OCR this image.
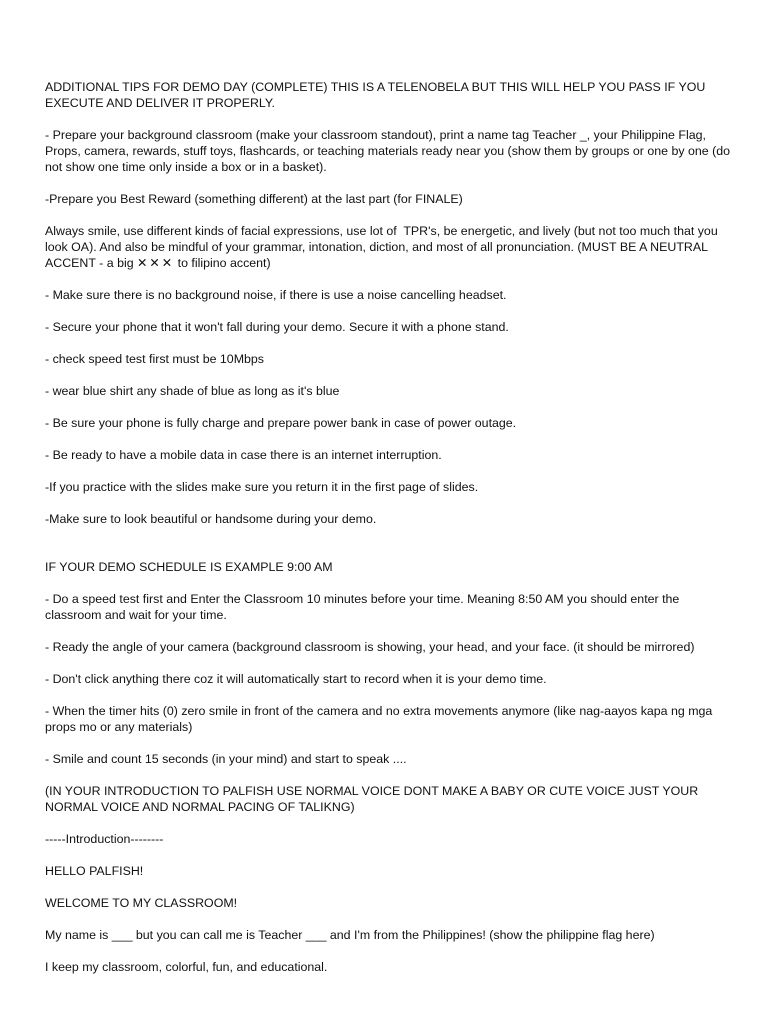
ADDITIONAL TIPS FOR DEMO DAY (COMPLETE) THIS IS A TELENOBELA BUT THIS WILL HELP YOU PASS IF YOU EXECUTE AND DELIVER IT PROPERLY.

- Prepare your background classroom (make your classroom standout), print a name tag Teacher _, your Philippine Flag, Props, camera, rewards, stuff toys, flashcards, or teaching materials ready near you (show them by groups or one by one (do not show one time only inside a box or in a basket).

-Prepare you Best Reward (something different) at the last part (for FINALE)

Always smile, use different kinds of facial expressions, use lot of  TPR's, be energetic, and lively (but not too much that you look OA). And also be mindful of your grammar, intonation, diction, and most of all pronunciation. (MUST BE A NEUTRAL ACCENT - a big ✕✕✕ to filipino accent)

- Make sure there is no background noise, if there is use a noise cancelling headset.

- Secure your phone that it won't fall during your demo. Secure it with a phone stand.

- check speed test first must be 10Mbps

- wear blue shirt any shade of blue as long as it's blue

- Be sure your phone is fully charge and prepare power bank in case of power outage.

- Be ready to have a mobile data in case there is an internet interruption.

-If you practice with the slides make sure you return it in the first page of slides.

-Make sure to look beautiful or handsome during your demo.

IF YOUR DEMO SCHEDULE IS EXAMPLE 9:00 AM

- Do a speed test first and Enter the Classroom 10 minutes before your time. Meaning 8:50 AM you should enter the classroom and wait for your time.

- Ready the angle of your camera (background classroom is showing, your head, and your face. (it should be mirrored)

- Don't click anything there coz it will automatically start to record when it is your demo time.

- When the timer hits (0) zero smile in front of the camera and no extra movements anymore (like nag-aayos kapa ng mga props mo or any materials)

- Smile and count 15 seconds (in your mind) and start to speak ....

(IN YOUR INTRODUCTION TO PALFISH USE NORMAL VOICE DONT MAKE A BABY OR CUTE VOICE JUST YOUR NORMAL VOICE AND NORMAL PACING OF TALIKNG)

-----Introduction--------

HELLO PALFISH!

WELCOME TO MY CLASSROOM!

My name is ___ but you can call me is Teacher ___ and I'm from the Philippines! (show the philippine flag here)

I keep my classroom, colorful, fun, and educational.
